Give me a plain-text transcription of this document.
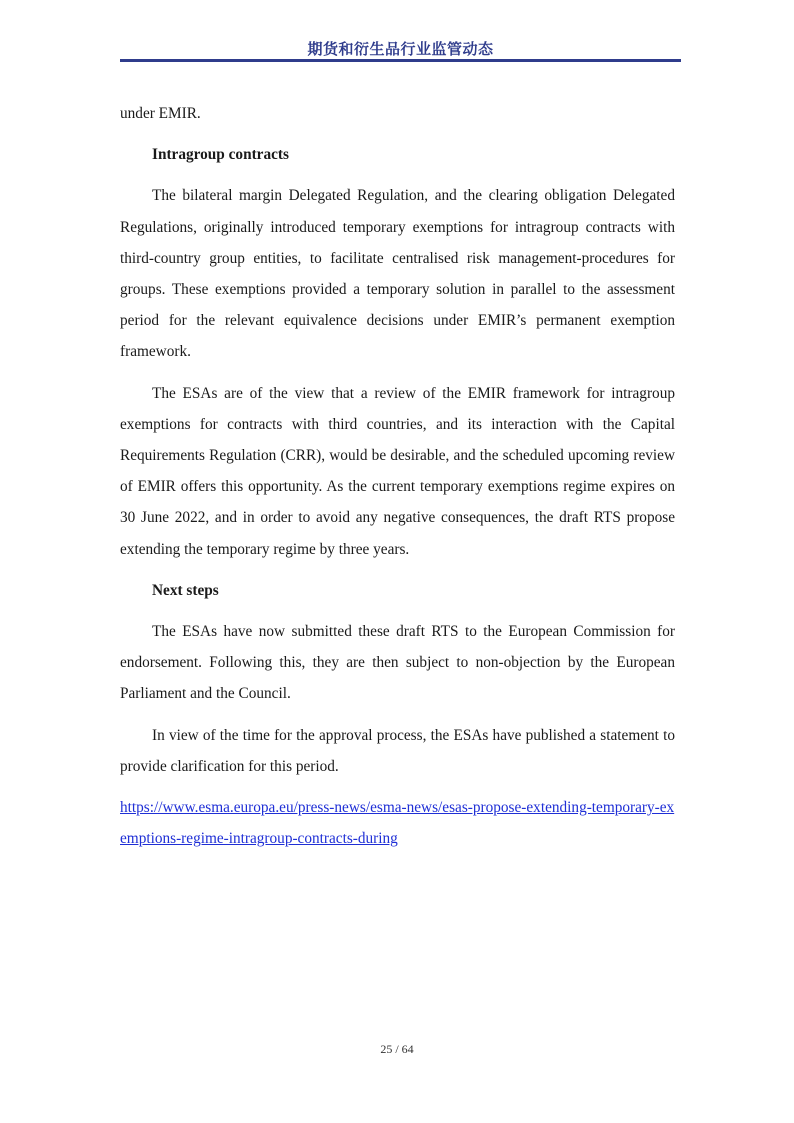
期货和衍生品行业监管动态

under EMIR.

Intragroup contracts

The bilateral margin Delegated Regulation, and the clearing obligation Delegated Regulations, originally introduced temporary exemptions for intragroup contracts with third-country group entities, to facilitate centralised risk management-procedures for groups. These exemptions provided a temporary solution in parallel to the assessment period for the relevant equivalence decisions under EMIR’s permanent exemption framework.

The ESAs are of the view that a review of the EMIR framework for intragroup exemptions for contracts with third countries, and its interaction with the Capital Requirements Regulation (CRR), would be desirable, and the scheduled upcoming review of EMIR offers this opportunity. As the current temporary exemptions regime expires on 30 June 2022, and in order to avoid any negative consequences, the draft RTS propose extending the temporary regime by three years.

Next steps

The ESAs have now submitted these draft RTS to the European Commission for endorsement. Following this, they are then subject to non-objection by the European Parliament and the Council.

In view of the time for the approval process, the ESAs have published a statement to provide clarification for this period.

https://www.esma.europa.eu/press-news/esma-news/esas-propose-extending-temporary-exemptions-regime-intragroup-contracts-during

25 / 64
